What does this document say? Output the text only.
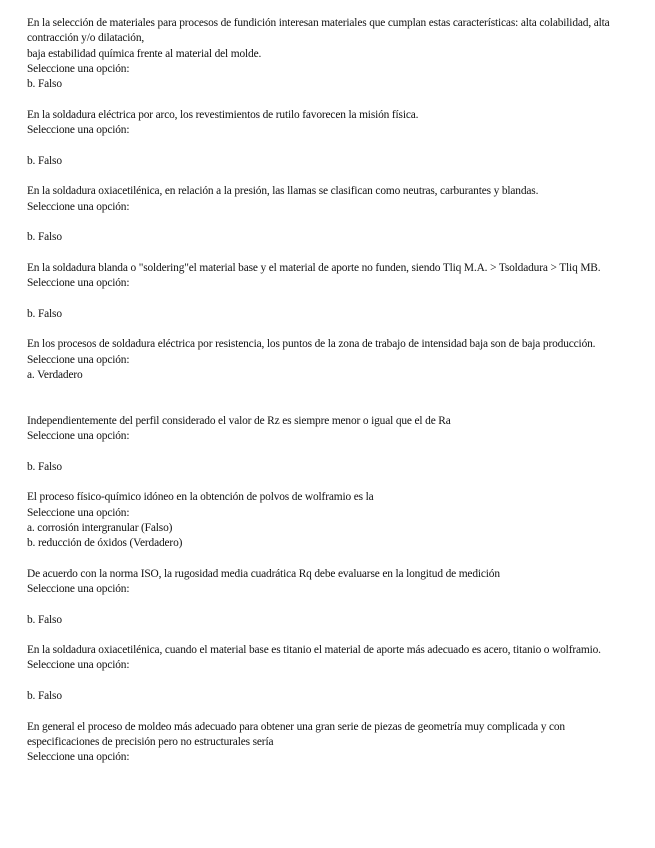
En la selección de materiales para procesos de fundición interesan materiales que cumplan estas características: alta colabilidad, alta contracción y/o dilatación,
baja estabilidad química frente al material del molde.
Seleccione una opción:
b. Falso
En la soldadura eléctrica por arco, los revestimientos de rutilo favorecen la misión física.
Seleccione una opción:
b. Falso
En la soldadura oxiacetilénica, en relación a la presión, las llamas se clasifican como neutras, carburantes y blandas.
Seleccione una opción:
b. Falso
En la soldadura blanda o "soldering"el material base y el material de aporte no funden, siendo Tliq M.A. > Tsoldadura > Tliq MB.
Seleccione una opción:
b. Falso
En los procesos de soldadura eléctrica por resistencia, los puntos de la zona de trabajo de intensidad baja son de baja producción.
Seleccione una opción:
a. Verdadero
Independientemente del perfil considerado el valor de Rz es siempre menor o igual que el de Ra
Seleccione una opción:
b. Falso
El proceso físico-químico idóneo en la obtención de polvos de wolframio es la
Seleccione una opción:
a. corrosión intergranular (Falso)
b. reducción de óxidos (Verdadero)
De acuerdo con la norma ISO, la rugosidad media cuadrática Rq debe evaluarse en la longitud de medición
Seleccione una opción:
b. Falso
En la soldadura oxiacetilénica, cuando el material base es titanio el material de aporte más adecuado es acero, titanio o wolframio.
Seleccione una opción:
b. Falso
En general el proceso de moldeo más adecuado para obtener una gran serie de piezas de geometría muy complicada y con especificaciones de precisión pero no estructurales sería
Seleccione una opción:
